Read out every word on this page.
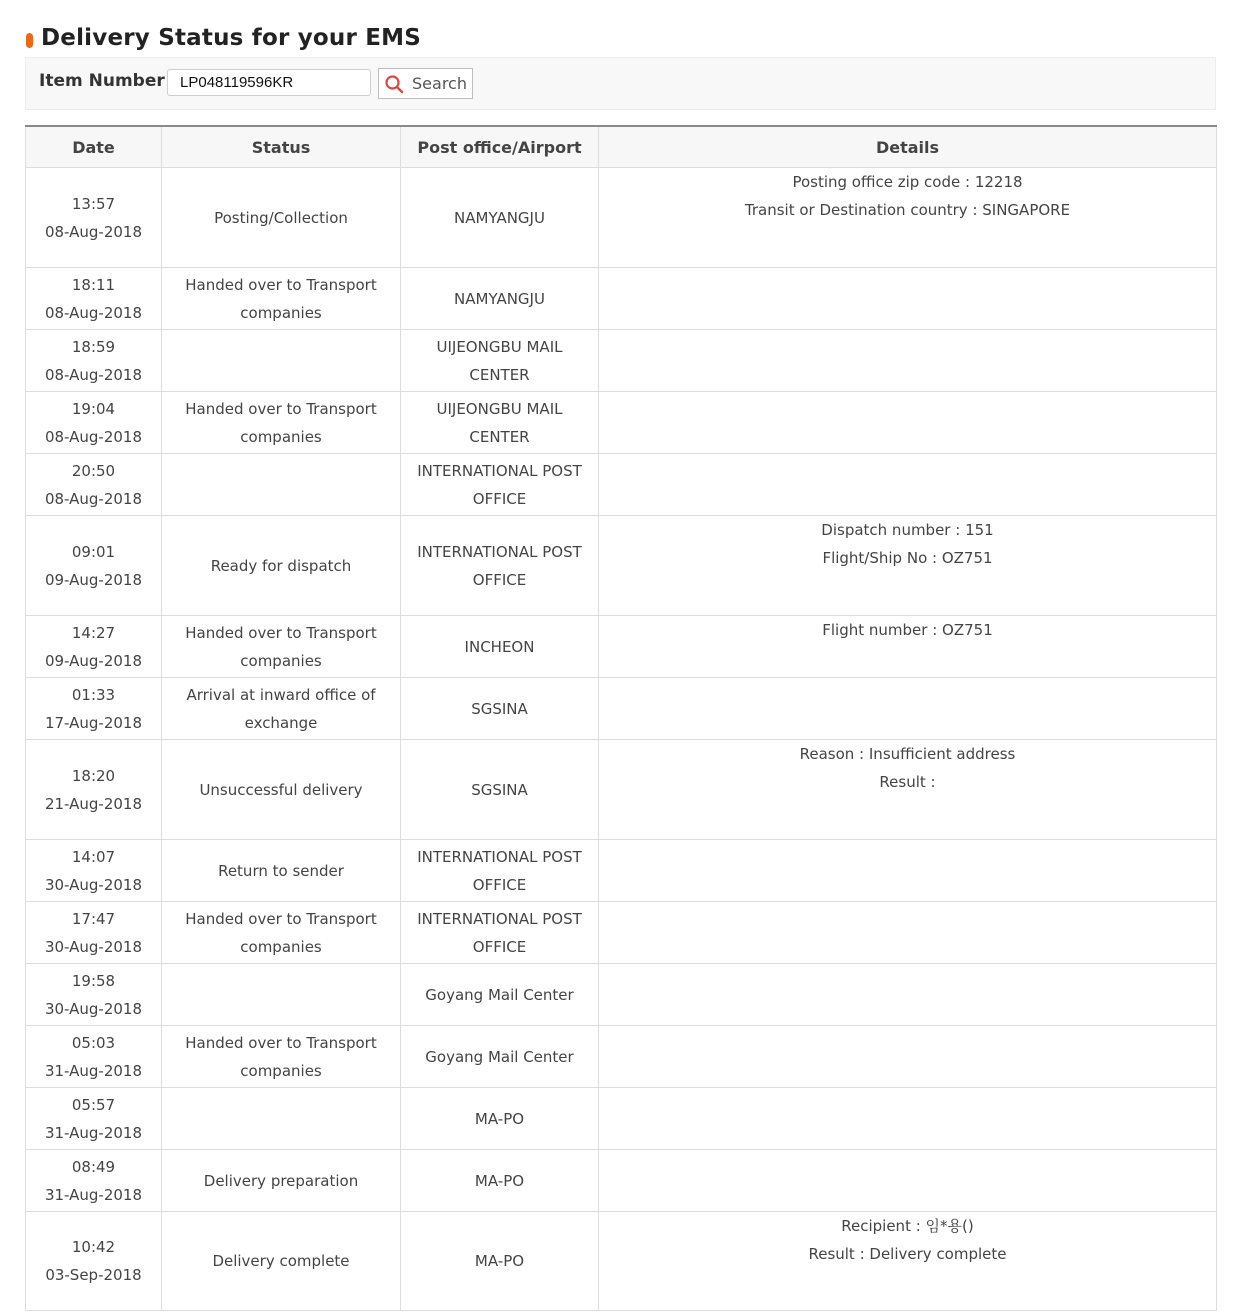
Delivery Status for your EMS
Item Number
LP048119596KR	Search
Date	Status	Post office/Airport	Details

13:57
08-Aug-2018	Posting/Collection	NAMYANGJU	Posting office zip code : 12218
Transit or Destination country : SINGAPORE

18:11
08-Aug-2018	Handed over to Transport companies	NAMYANGJU	

18:59
08-Aug-2018		UIJEONGBU MAIL CENTER	

19:04
08-Aug-2018	Handed over to Transport companies	UIJEONGBU MAIL CENTER	

20:50
08-Aug-2018		INTERNATIONAL POST OFFICE	

09:01
09-Aug-2018	Ready for dispatch	INTERNATIONAL POST OFFICE	Dispatch number : 151
Flight/Ship No : OZ751

14:27
09-Aug-2018	Handed over to Transport companies	INCHEON	Flight number : OZ751

01:33
17-Aug-2018	Arrival at inward office of exchange	SGSINA	

18:20
21-Aug-2018	Unsuccessful delivery	SGSINA	Reason : Insufficient address
Result :

14:07
30-Aug-2018	Return to sender	INTERNATIONAL POST OFFICE	

17:47
30-Aug-2018	Handed over to Transport companies	INTERNATIONAL POST OFFICE	

19:58
30-Aug-2018		Goyang Mail Center	

05:03
31-Aug-2018	Handed over to Transport companies	Goyang Mail Center	

05:57
31-Aug-2018		MA-PO	

08:49
31-Aug-2018	Delivery preparation	MA-PO	

10:42
03-Sep-2018	Delivery complete	MA-PO	Recipient : 임*용()
Result : Delivery complete
